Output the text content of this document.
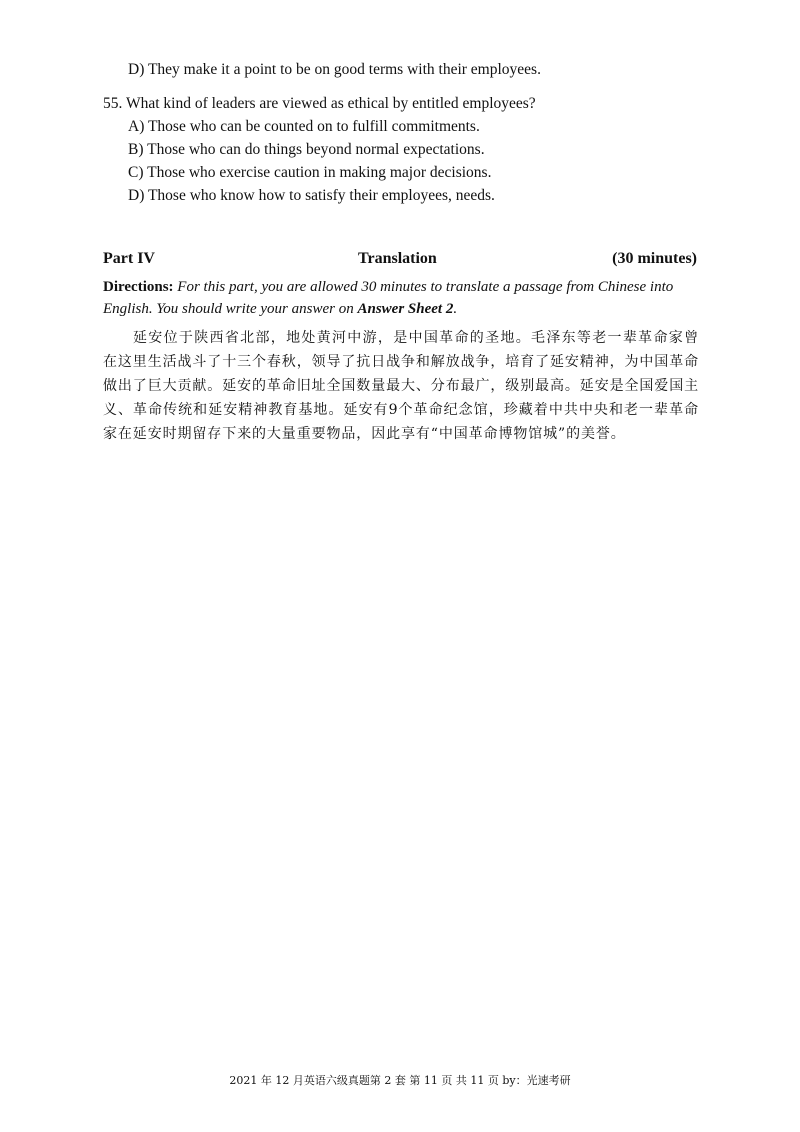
D) They make it a point to be on good terms with their employees.
55. What kind of leaders are viewed as ethical by entitled employees?
A) Those who can be counted on to fulfill commitments.
B) Those who can do things beyond normal expectations.
C) Those who exercise caution in making major decisions.
D) Those who know how to satisfy their employees, needs.
Part IV	Translation	(30 minutes)
Directions: For this part, you are allowed 30 minutes to translate a passage from Chinese into English. You should write your answer on Answer Sheet 2.
延安位于陕西省北部，地处黄河中游，是中国革命的圣地。毛泽东等老一辈革命家曾在这里生活战斗了十三个春秋，领导了抗日战争和解放战争，培育了延安精神，为中国革命做出了巨大贡献。延安的革命旧址全国数量最大、分布最广，级别最高。延安是全国爱国主义、革命传统和延安精神教育基地。延安有9个革命纪念馆，珍藏着中共中央和老一辈革命家在延安时期留存下来的大量重要物品，因此享有“中国革命博物馆城”的美誉。
2021 年 12 月英语六级真题第 2 套 第 11 页 共 11 页 by：光速考研
